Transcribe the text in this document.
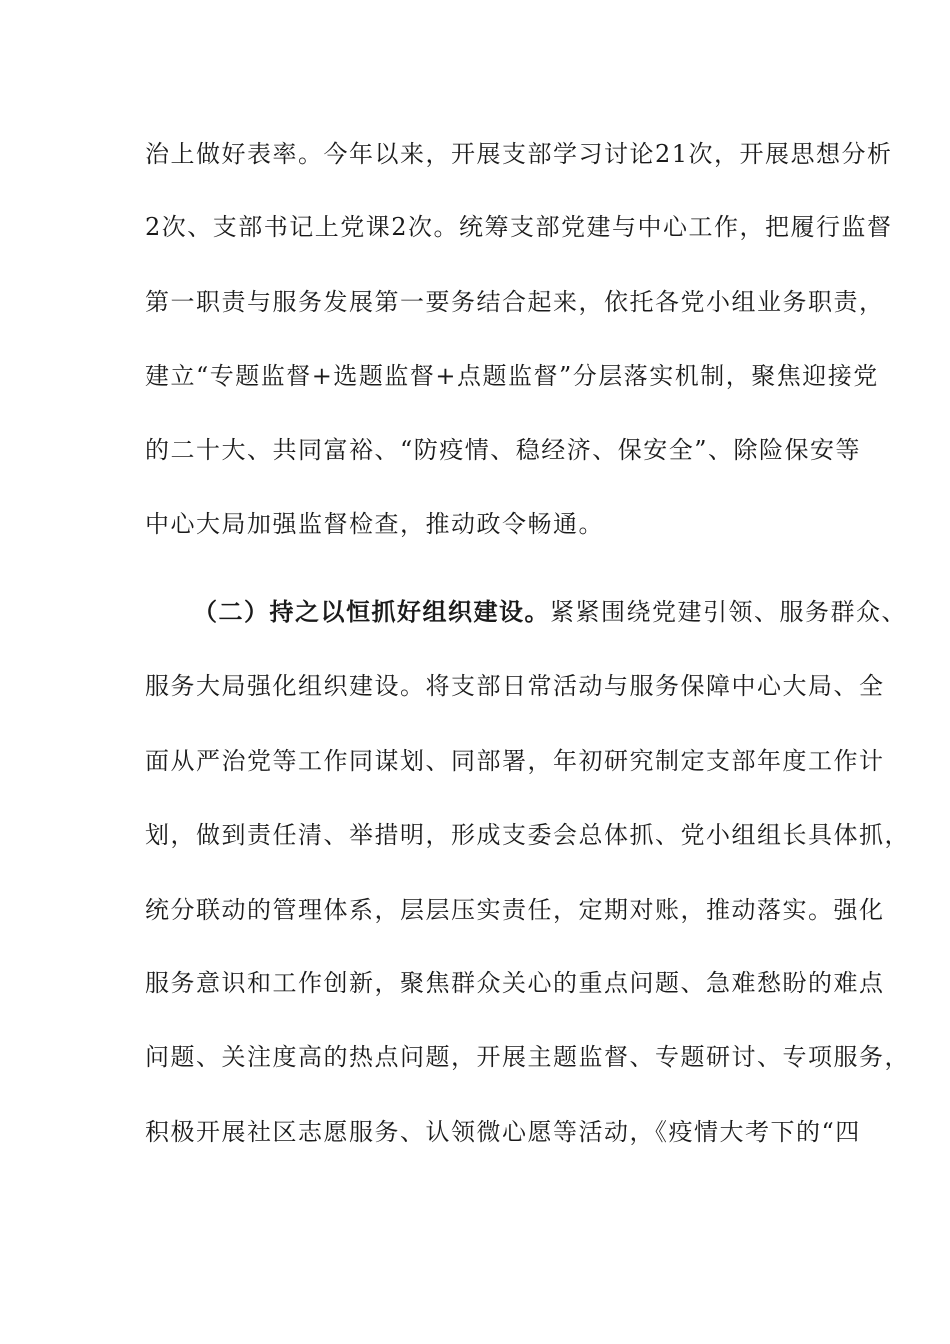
治上做好表率。今年以来，开展支部学习讨论21次，开展思想分析
2次、支部书记上党课2次。统筹支部党建与中心工作，把履行监督
第一职责与服务发展第一要务结合起来，依托各党小组业务职责，
建立“专题监督+选题监督+点题监督”分层落实机制，聚焦迎接党
的二十大、共同富裕、“防疫情、稳经济、保安全”、除险保安等
中心大局加强监督检查，推动政令畅通。
（二）持之以恒抓好组织建设。紧紧围绕党建引领、服务群众、
服务大局强化组织建设。将支部日常活动与服务保障中心大局、全
面从严治党等工作同谋划、同部署，年初研究制定支部年度工作计
划，做到责任清、举措明，形成支委会总体抓、党小组组长具体抓，
统分联动的管理体系，层层压实责任，定期对账，推动落实。强化
服务意识和工作创新，聚焦群众关心的重点问题、急难愁盼的难点
问题、关注度高的热点问题，开展主题监督、专题研讨、专项服务，
积极开展社区志愿服务、认领微心愿等活动，《疫情大考下的“四
